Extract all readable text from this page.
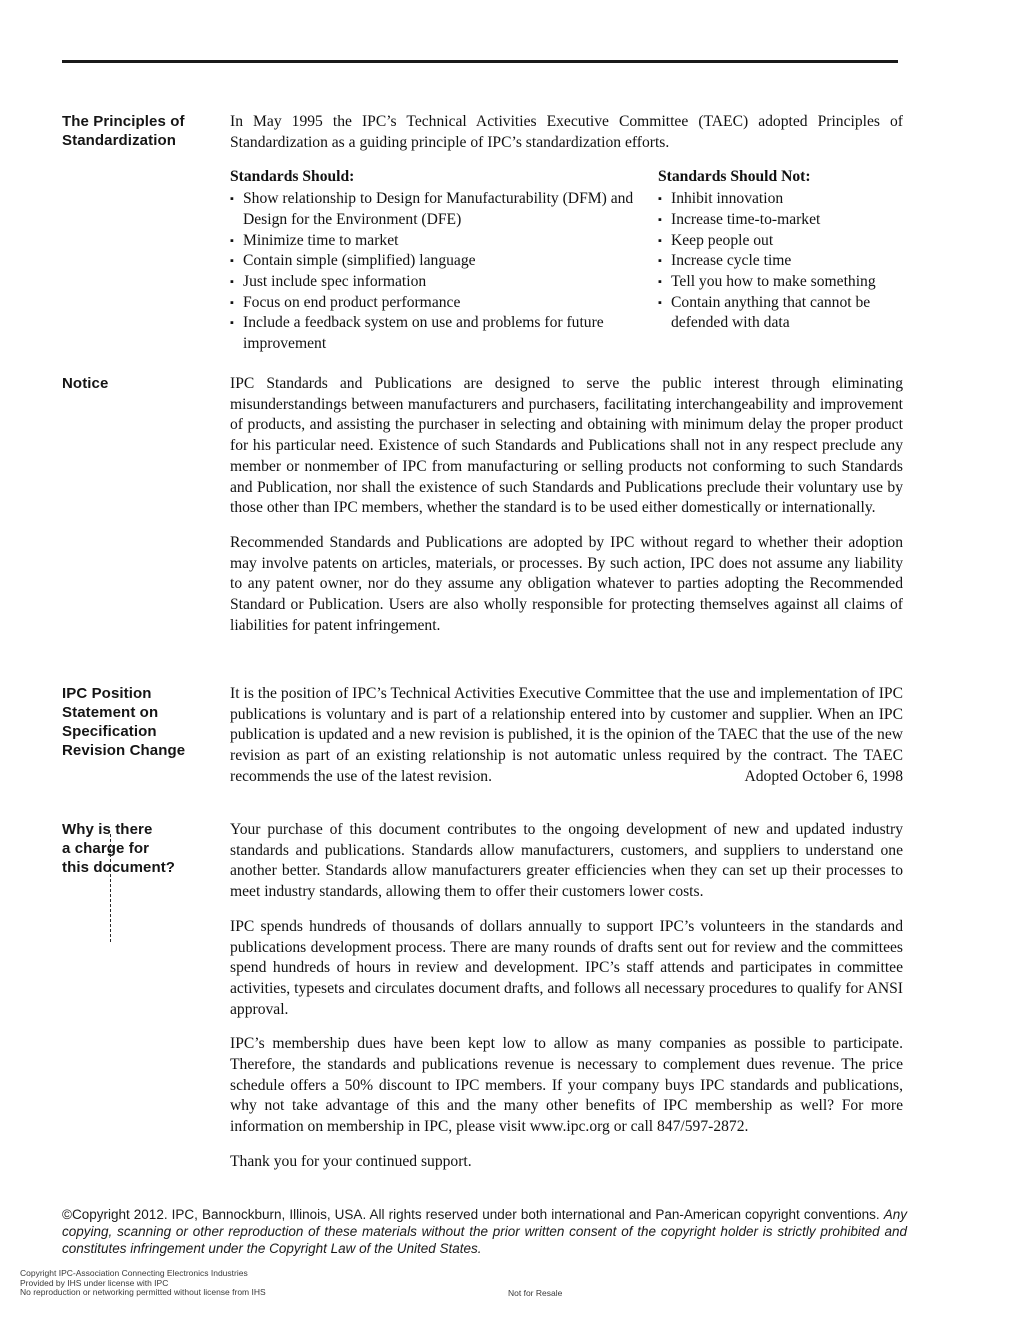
The Principles of
Standardization

In May 1995 the IPC’s Technical Activities Executive Committee (TAEC) adopted Principles of Standardization as a guiding principle of IPC’s standardization efforts.

Standards Should:
▪ Show relationship to Design for Manufacturability (DFM) and Design for the Environment (DFE)
▪ Minimize time to market
▪ Contain simple (simplified) language
▪ Just include spec information
▪ Focus on end product performance
▪ Include a feedback system on use and problems for future improvement
Standards Should Not:
▪ Inhibit innovation
▪ Increase time-to-market
▪ Keep people out
▪ Increase cycle time
▪ Tell you how to make something
▪ Contain anything that cannot be defended with data
Notice	IPC Standards and Publications are designed to serve the public interest through eliminating misunderstandings between manufacturers and purchasers, facilitating interchangeability and improvement of products, and assisting the purchaser in selecting and obtaining with minimum delay the proper product for his particular need. Existence of such Standards and Publications shall not in any respect preclude any member or nonmember of IPC from manufacturing or selling products not conforming to such Standards and Publication, nor shall the existence of such Standards and Publications preclude their voluntary use by those other than IPC members, whether the standard is to be used either domestically or internationally.

Recommended Standards and Publications are adopted by IPC without regard to whether their adoption may involve patents on articles, materials, or processes. By such action, IPC does not assume any liability to any patent owner, nor do they assume any obligation whatever to parties adopting the Recommended Standard or Publication. Users are also wholly responsible for protecting themselves against all claims of liabilities for patent infringement.

IPC Position
Statement on
Specification
Revision Change

It is the position of IPC’s Technical Activities Executive Committee that the use and implementation of IPC publications is voluntary and is part of a relationship entered into by customer and supplier. When an IPC publication is updated and a new revision is published, it is the opinion of the TAEC that the use of the new revision as part of an existing relationship is not automatic unless required by the contract. The TAEC recommends the use of the latest revision.	Adopted October 6, 1998

Why is there
a charge for
this document?

Your purchase of this document contributes to the ongoing development of new and updated industry standards and publications. Standards allow manufacturers, customers, and suppliers to understand one another better. Standards allow manufacturers greater efficiencies when they can set up their processes to meet industry standards, allowing them to offer their customers lower costs.

IPC spends hundreds of thousands of dollars annually to support IPC’s volunteers in the standards and publications development process. There are many rounds of drafts sent out for review and the committees spend hundreds of hours in review and development. IPC’s staff attends and participates in committee activities, typesets and circulates document drafts, and follows all necessary procedures to qualify for ANSI approval.

IPC’s membership dues have been kept low to allow as many companies as possible to participate. Therefore, the standards and publications revenue is necessary to complement dues revenue. The price schedule offers a 50% discount to IPC members. If your company buys IPC standards and publications, why not take advantage of this and the many other benefits of IPC membership as well? For more information on membership in IPC, please visit www.ipc.org or call 847/597-2872.

Thank you for your continued support.

©Copyright 2012. IPC, Bannockburn, Illinois, USA. All rights reserved under both international and Pan-American copyright conventions. Any copying, scanning or other reproduction of these materials without the prior written consent of the copyright holder is strictly prohibited and constitutes infringement under the Copyright Law of the United States.
Copyright IPC-Association Connecting Electronics Industries
Provided by IHS under license with IPC
No reproduction or networking permitted without license from IHS	Not for Resale
